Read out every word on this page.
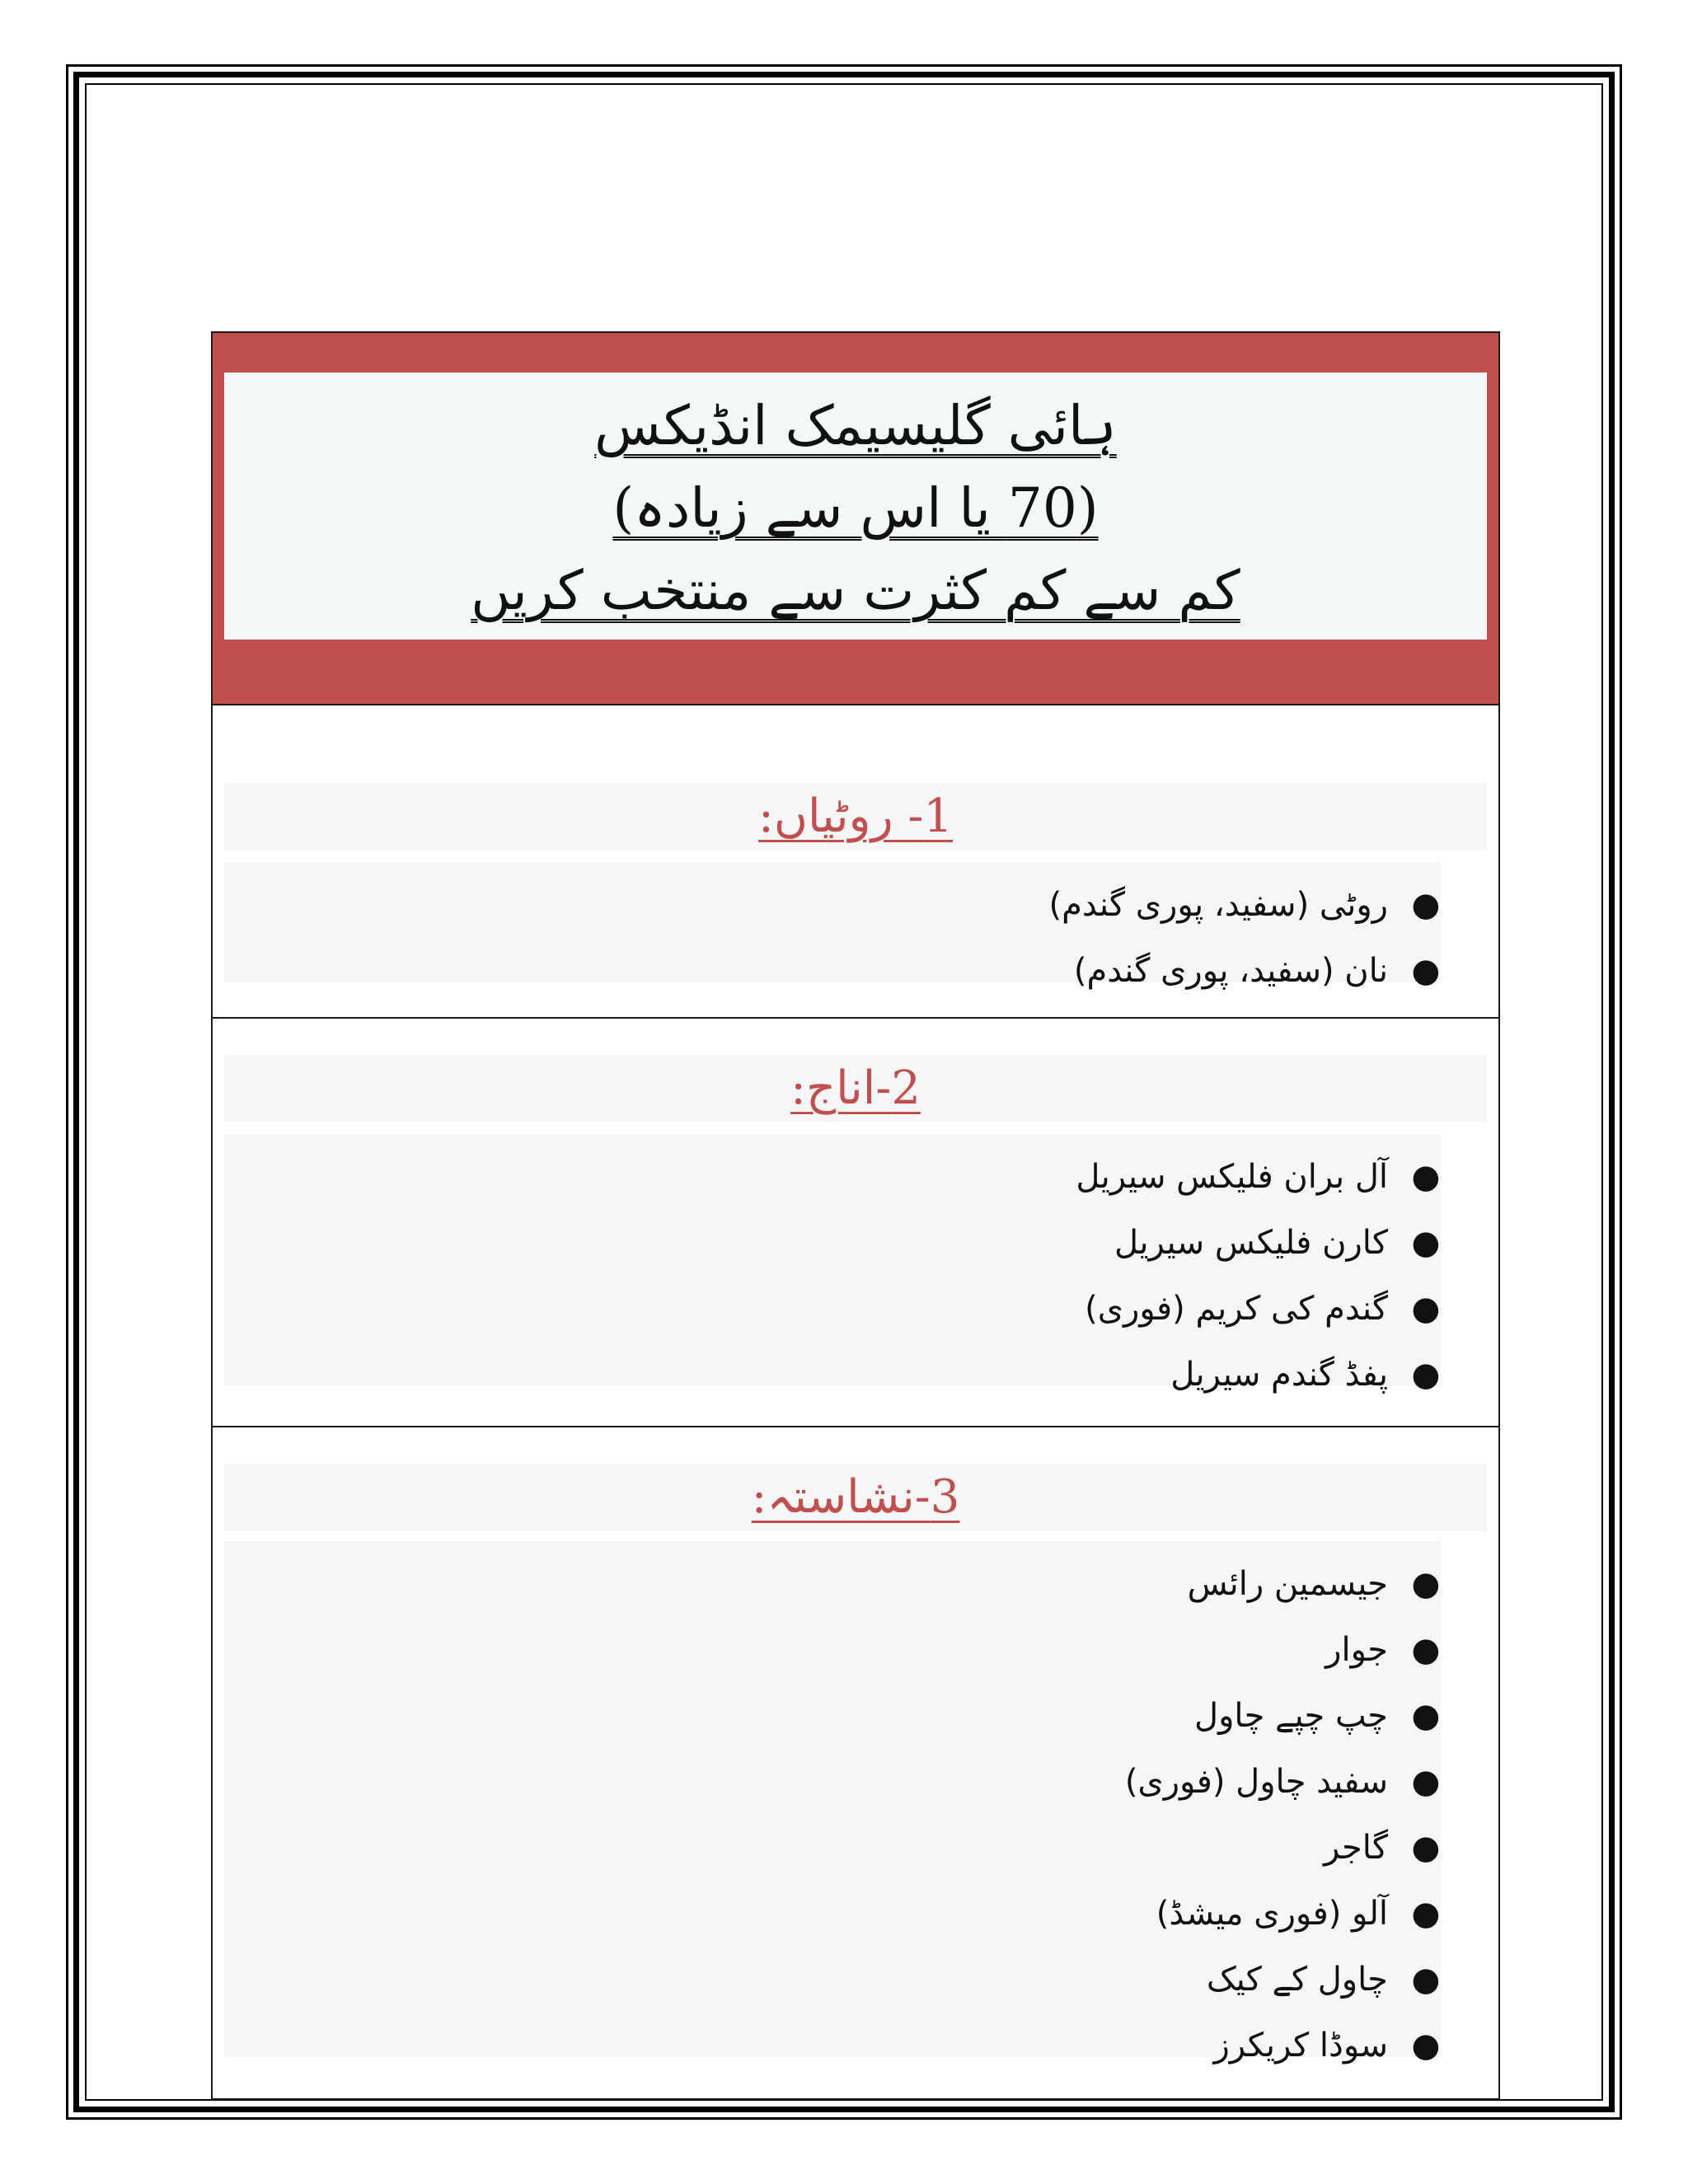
ہائی گلیسیمک انڈیکس
(70 یا اس سے زیادہ)
کم سے کم کثرت سے منتخب کریں
1- روٹیاں:
●
روٹی (سفید، پوری گندم)
●
نان (سفید، پوری گندم)
2-اناج:
●
آل بران فلیکس سیریل
●
کارن فلیکس سیریل
●
گندم کی کریم (فوری)
●
پفڈ گندم سیریل
3-نشاستہ:
●
جیسمین رائس
●
جوار
●
چپ چپے چاول
●
سفید چاول (فوری)
●
گاجر
●
آلو (فوری میشڈ)
●
چاول کے کیک
●
سوڈا کریکرز
